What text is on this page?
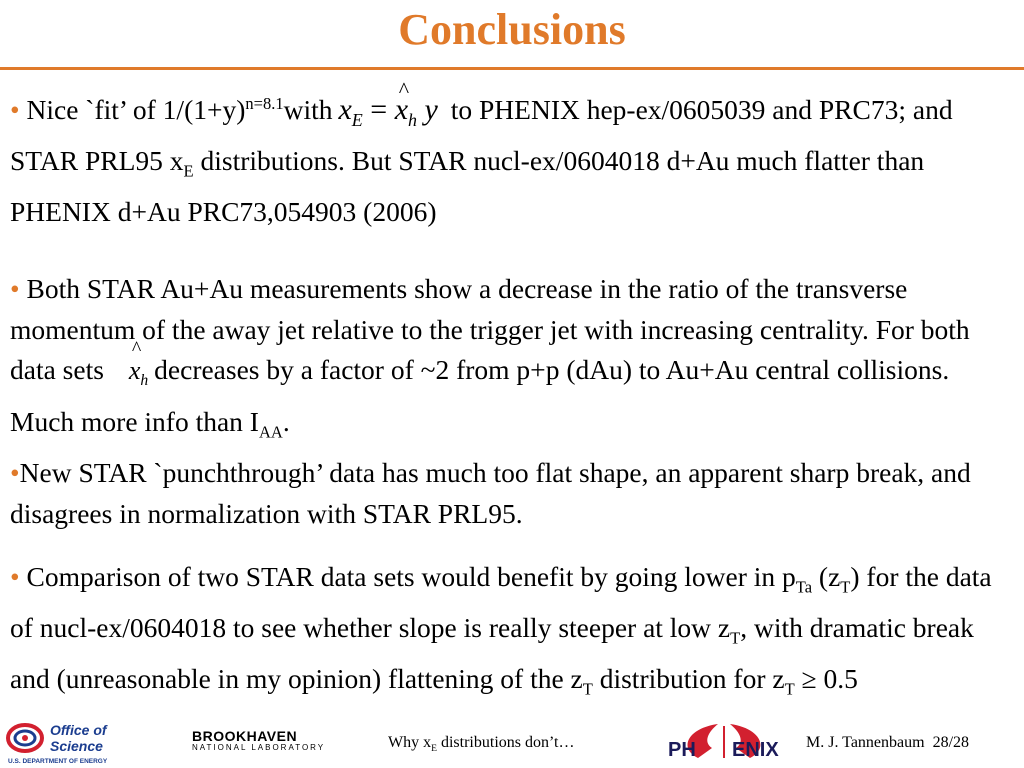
Conclusions
• Nice `fit’ of $1/(1+y)^{n=8.1}with$ $x_E$ = ^ $x_h$ y to PHENIX hep-ex/0605039 and PRC73; and STAR PRL95 $x_E$ distributions. But STAR nucl-ex/0604018 d+Au much flatter than PHENIX d+Au PRC73,054903 (2006)
• Both STAR Au+Au measurements show a decrease in the ratio of the transverse momentum of the away jet relative to the trigger jet with increasing centrality. For both data sets ^ $x_h$ decreases by a factor of ~2 from p+p (dAu) to Au+Au central collisions. Much more info than $I_{AA}$.
•New STAR `punchthrough’ data has much too flat shape, an apparent sharp break, and disagrees in normalization with STAR PRL95.
• Comparison of two STAR data sets would benefit by going lower in $p_{Ta}$ $(z_T)$ for the data of nucl-ex/0604018 to see whether slope is really steeper at low $z_T$, with dramatic break and (unreasonable in my opinion) flattening of the $z_T$ distribution for $z_T \ge 0.5$
Office of
Science
U.S. DEPARTMENT OF ENERGY
BROOKHAVEN
NATIONAL LABORATORY	Why $x_E$ distributions don’t…	PH ENIX M. J. Tannenbaum 28/28
